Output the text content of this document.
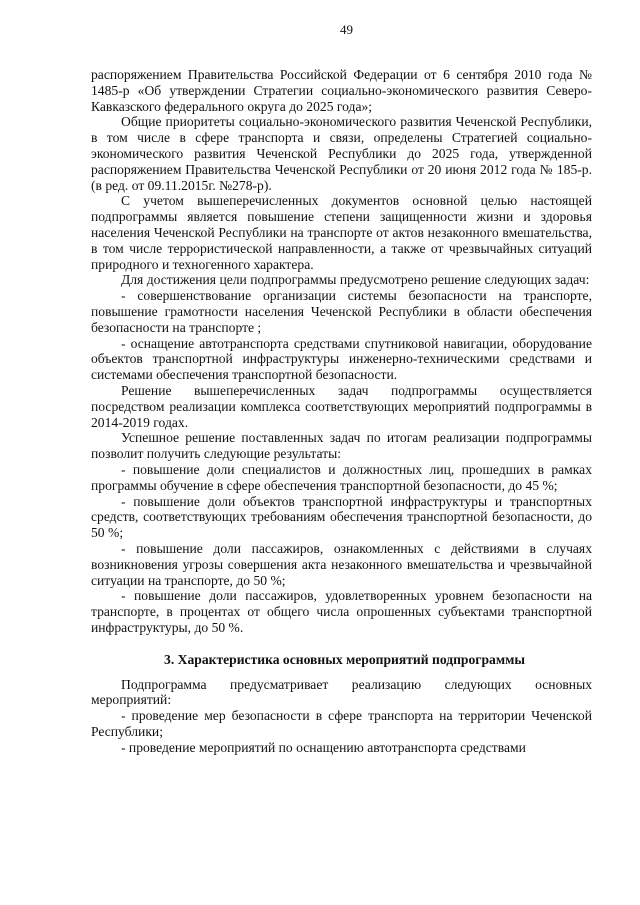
49

распоряжением Правительства Российской Федерации от 6 сентября 2010 года № 1485-р «Об утверждении Стратегии социально-экономического развития Северо-Кавказского федерального округа до 2025 года»;

Общие приоритеты социально-экономического развития Чеченской Республики, в том числе в сфере транспорта и связи, определены Стратегией социально-экономического развития Чеченской Республики до 2025 года, утвержденной распоряжением Правительства Чеченской Республики от 20 июня 2012 года № 185-р. (в ред. от 09.11.2015г. №278-р).

С учетом вышеперечисленных документов основной целью настоящей подпрограммы является повышение степени защищенности жизни и здоровья населения Чеченской Республики на транспорте от актов незаконного вмешательства, в том числе террористической направленности, а также от чрезвычайных ситуаций природного и техногенного характера.

Для достижения цели подпрограммы предусмотрено решение следующих задач:

- совершенствование организации системы безопасности на транспорте, повышение грамотности населения Чеченской Республики в области обеспечения безопасности на транспорте ;

- оснащение автотранспорта средствами спутниковой навигации, оборудование объектов транспортной инфраструктуры инженерно-техническими средствами и системами обеспечения транспортной безопасности.

Решение вышеперечисленных задач подпрограммы осуществляется посредством реализации комплекса соответствующих мероприятий подпрограммы в 2014-2019 годах.

Успешное решение поставленных задач по итогам реализации подпрограммы позволит получить следующие результаты:

- повышение доли специалистов и должностных лиц, прошедших в рамках программы обучение в сфере обеспечения транспортной безопасности, до 45 %;

- повышение доли объектов транспортной инфраструктуры и транспортных средств, соответствующих требованиям обеспечения транспортной безопасности, до 50 %;

- повышение доли пассажиров, ознакомленных с действиями в случаях возникновения угрозы совершения акта незаконного вмешательства и чрезвычайной ситуации на транспорте, до 50 %;

- повышение доли пассажиров, удовлетворенных уровнем безопасности на транспорте, в процентах от общего числа опрошенных субъектами транспортной инфраструктуры, до 50 %.

3. Характеристика основных мероприятий подпрограммы

Подпрограмма предусматривает реализацию следующих основных мероприятий:

- проведение мер безопасности в сфере транспорта на территории Чеченской Республики;

- проведение мероприятий по оснащению автотранспорта средствами
